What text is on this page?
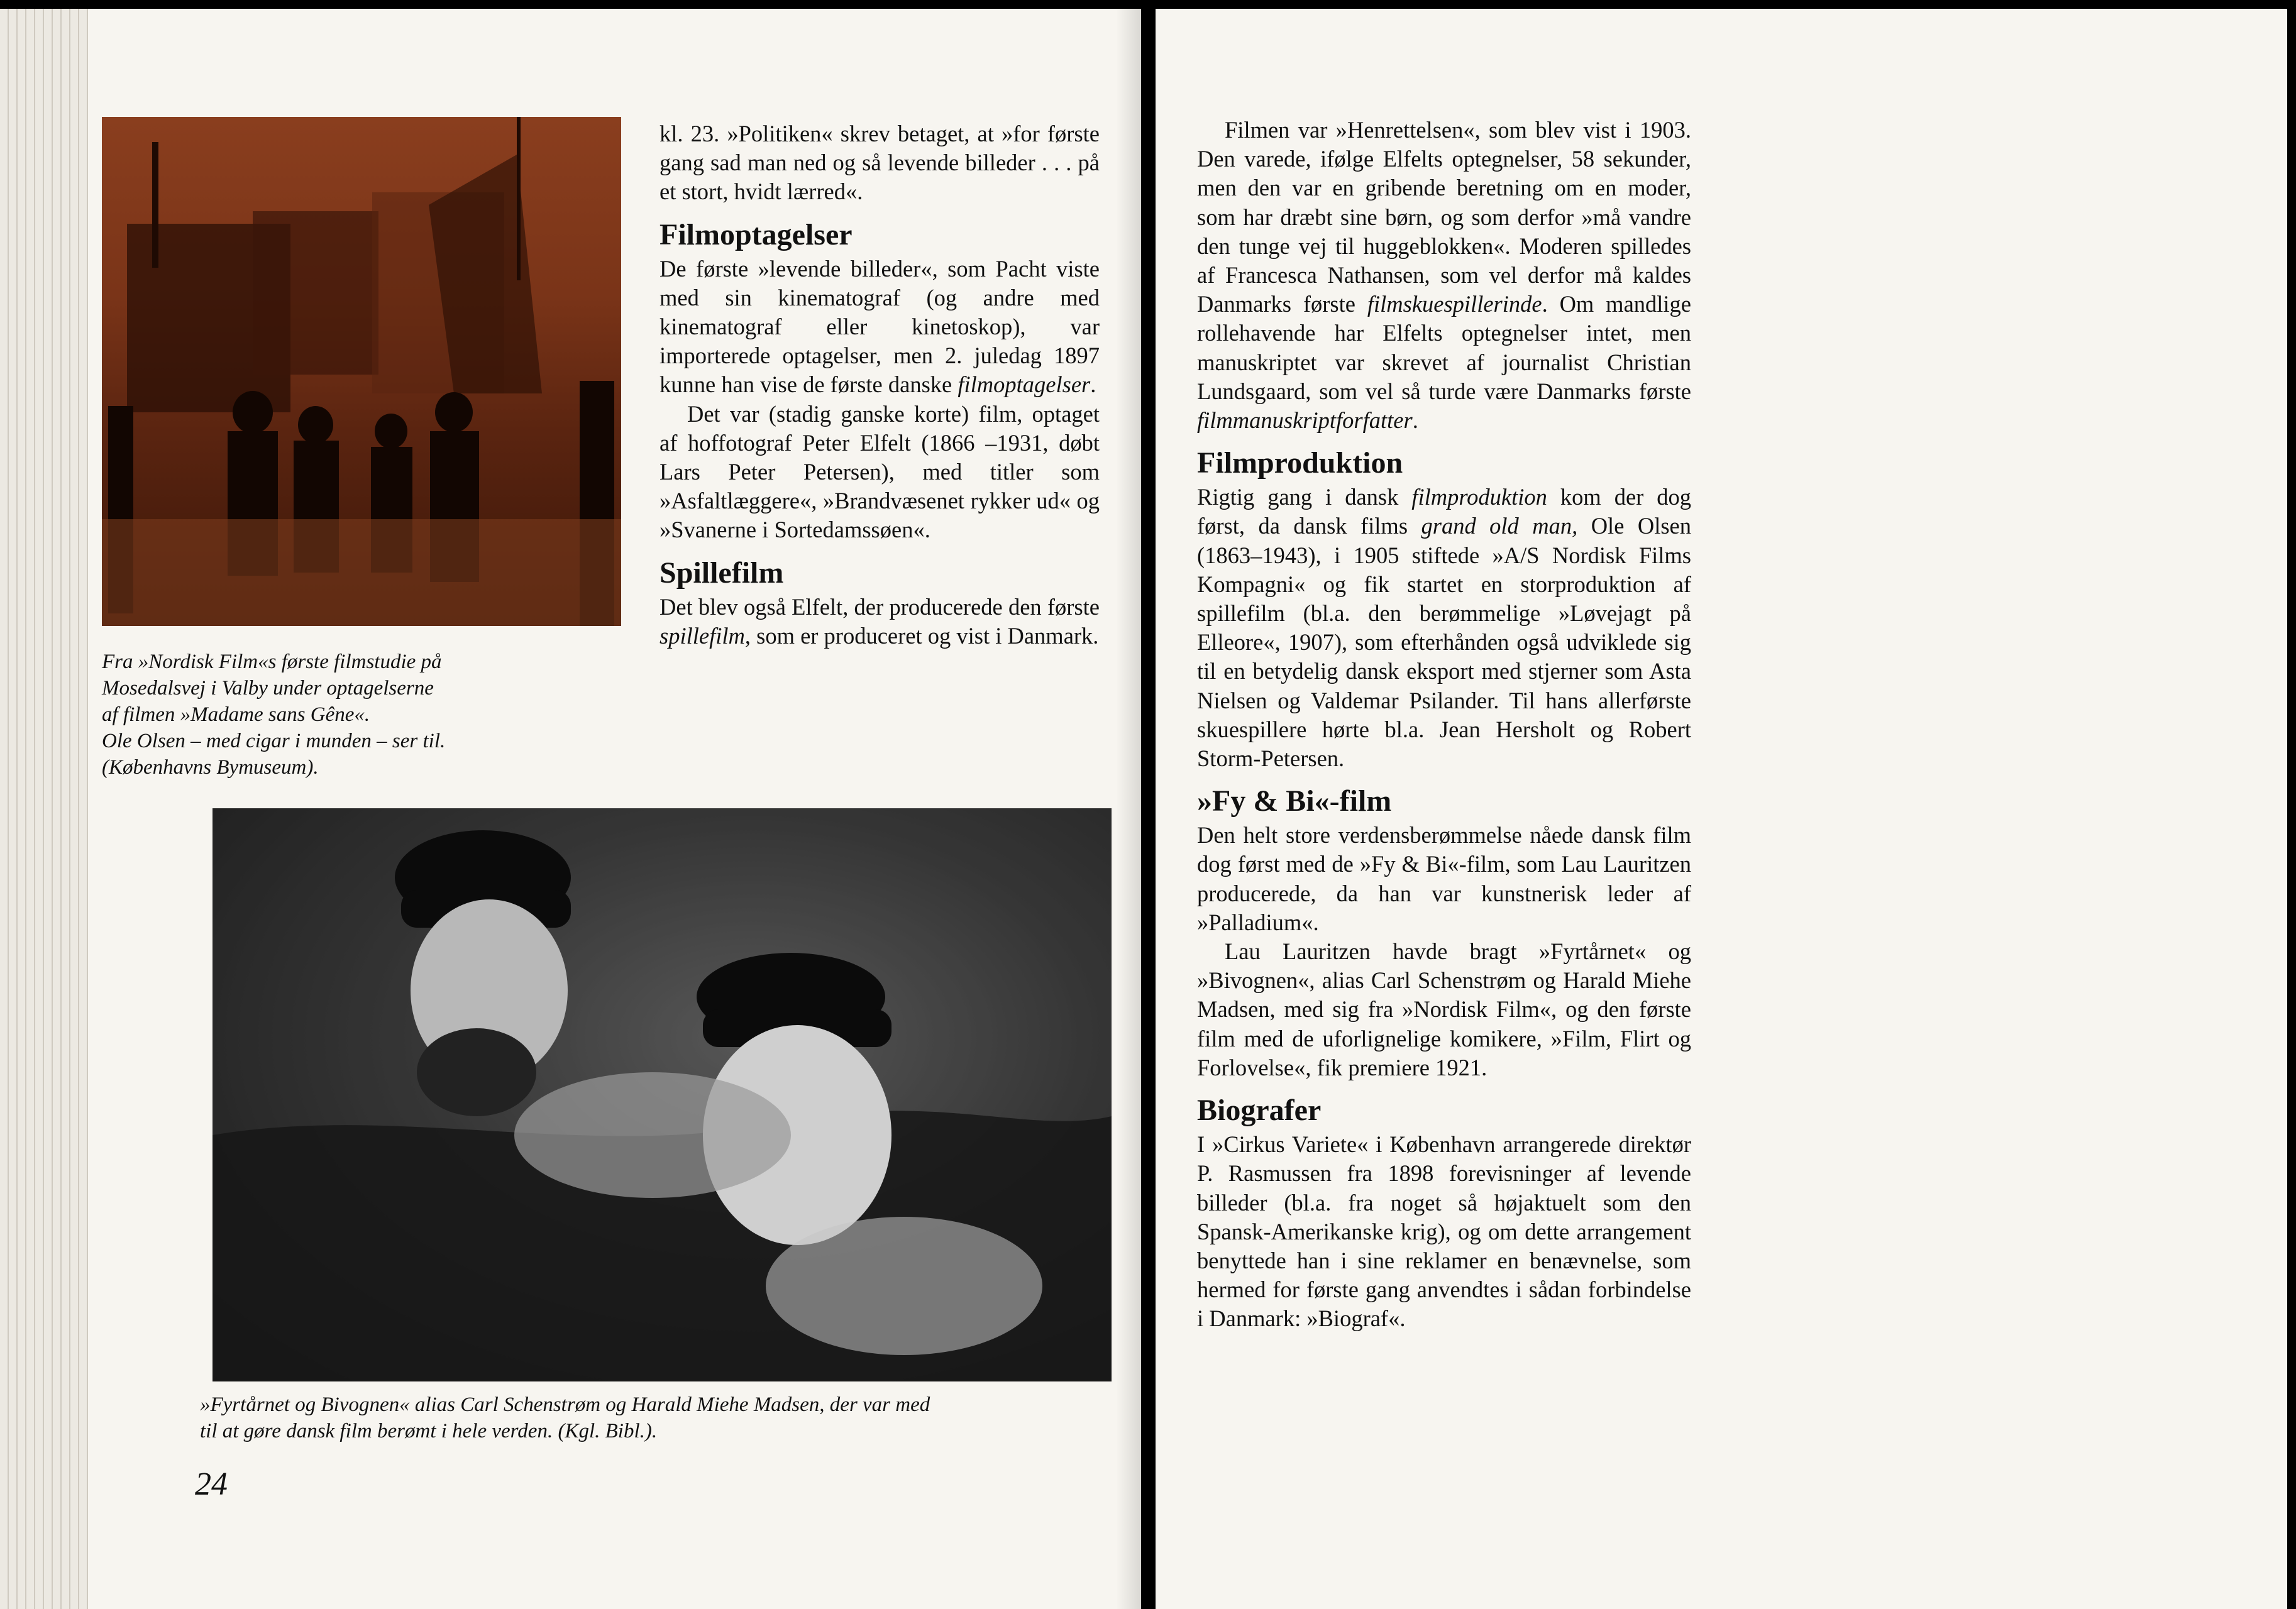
Fra »Nordisk Film«s første filmstudie på
Mosedalsvej i Valby under optagelserne
af filmen »Madame sans Gêne«.
Ole Olsen – med cigar i munden – ser til.
(Københavns Bymuseum).

kl. 23. »Politiken« skrev betaget, at »for første gang sad man ned og så levende billeder . . . på et stort, hvidt lærred«.

Filmoptagelser

De første »levende billeder«, som Pacht viste med sin kinematograf (og andre med kinematograf eller kinetoskop), var importerede optagelser, men 2. juledag 1897 kunne han vise de første danske filmoptagelser.

Det var (stadig ganske korte) film, optaget af hoffotograf Peter Elfelt (1866 –1931, døbt Lars Peter Petersen), med titler som »Asfaltlæggere«, »Brandvæsenet rykker ud« og »Svanerne i Sortedamssøen«.

Spillefilm

Det blev også Elfelt, der producerede den første spillefilm, som er produceret og vist i Danmark.

»Fyrtårnet og Bivognen« alias Carl Schenstrøm og Harald Miehe Madsen, der var med
til at gøre dansk film berømt i hele verden. (Kgl. Bibl.).
24

Filmen var »Henrettelsen«, som blev vist i 1903. Den varede, ifølge Elfelts optegnelser, 58 sekunder, men den var en gribende beretning om en moder, som har dræbt sine børn, og som derfor »må vandre den tunge vej til huggeblokken«. Moderen spilledes af Francesca Nathansen, som vel derfor må kaldes Danmarks første filmskuespillerinde. Om mandlige rollehavende har Elfelts optegnelser intet, men manuskriptet var skrevet af journalist Christian Lundsgaard, som vel så turde være Danmarks første filmmanuskriptforfatter.

Filmproduktion

Rigtig gang i dansk filmproduktion kom der dog først, da dansk films grand old man, Ole Olsen (1863–1943), i 1905 stiftede »A/S Nordisk Films Kompagni« og fik startet en storproduktion af spillefilm (bl.a. den berømmelige »Løvejagt på Elleore«, 1907), som efterhånden også udviklede sig til en betydelig dansk eksport med stjerner som Asta Nielsen og Valdemar Psilander. Til hans allerførste skuespillere hørte bl.a. Jean Hersholt og Robert Storm-Petersen.

»Fy & Bi«-film

Den helt store verdensberømmelse nåede dansk film dog først med de »Fy & Bi«-film, som Lau Lauritzen producerede, da han var kunstnerisk leder af »Palladium«.

Lau Lauritzen havde bragt »Fyrtårnet« og »Bivognen«, alias Carl Schenstrøm og Harald Miehe Madsen, med sig fra »Nordisk Film«, og den første film med de uforlignelige komikere, »Film, Flirt og Forlovelse«, fik premiere 1921.

Biografer

I »Cirkus Variete« i København arrangerede direktør P. Rasmussen fra 1898 forevisninger af levende billeder (bl.a. fra noget så højaktuelt som den Spansk-Amerikanske krig), og om dette arrangement benyttede han i sine reklamer en benævnelse, som hermed for første gang anvendtes i sådan forbindelse i Danmark: »Biograf«.
